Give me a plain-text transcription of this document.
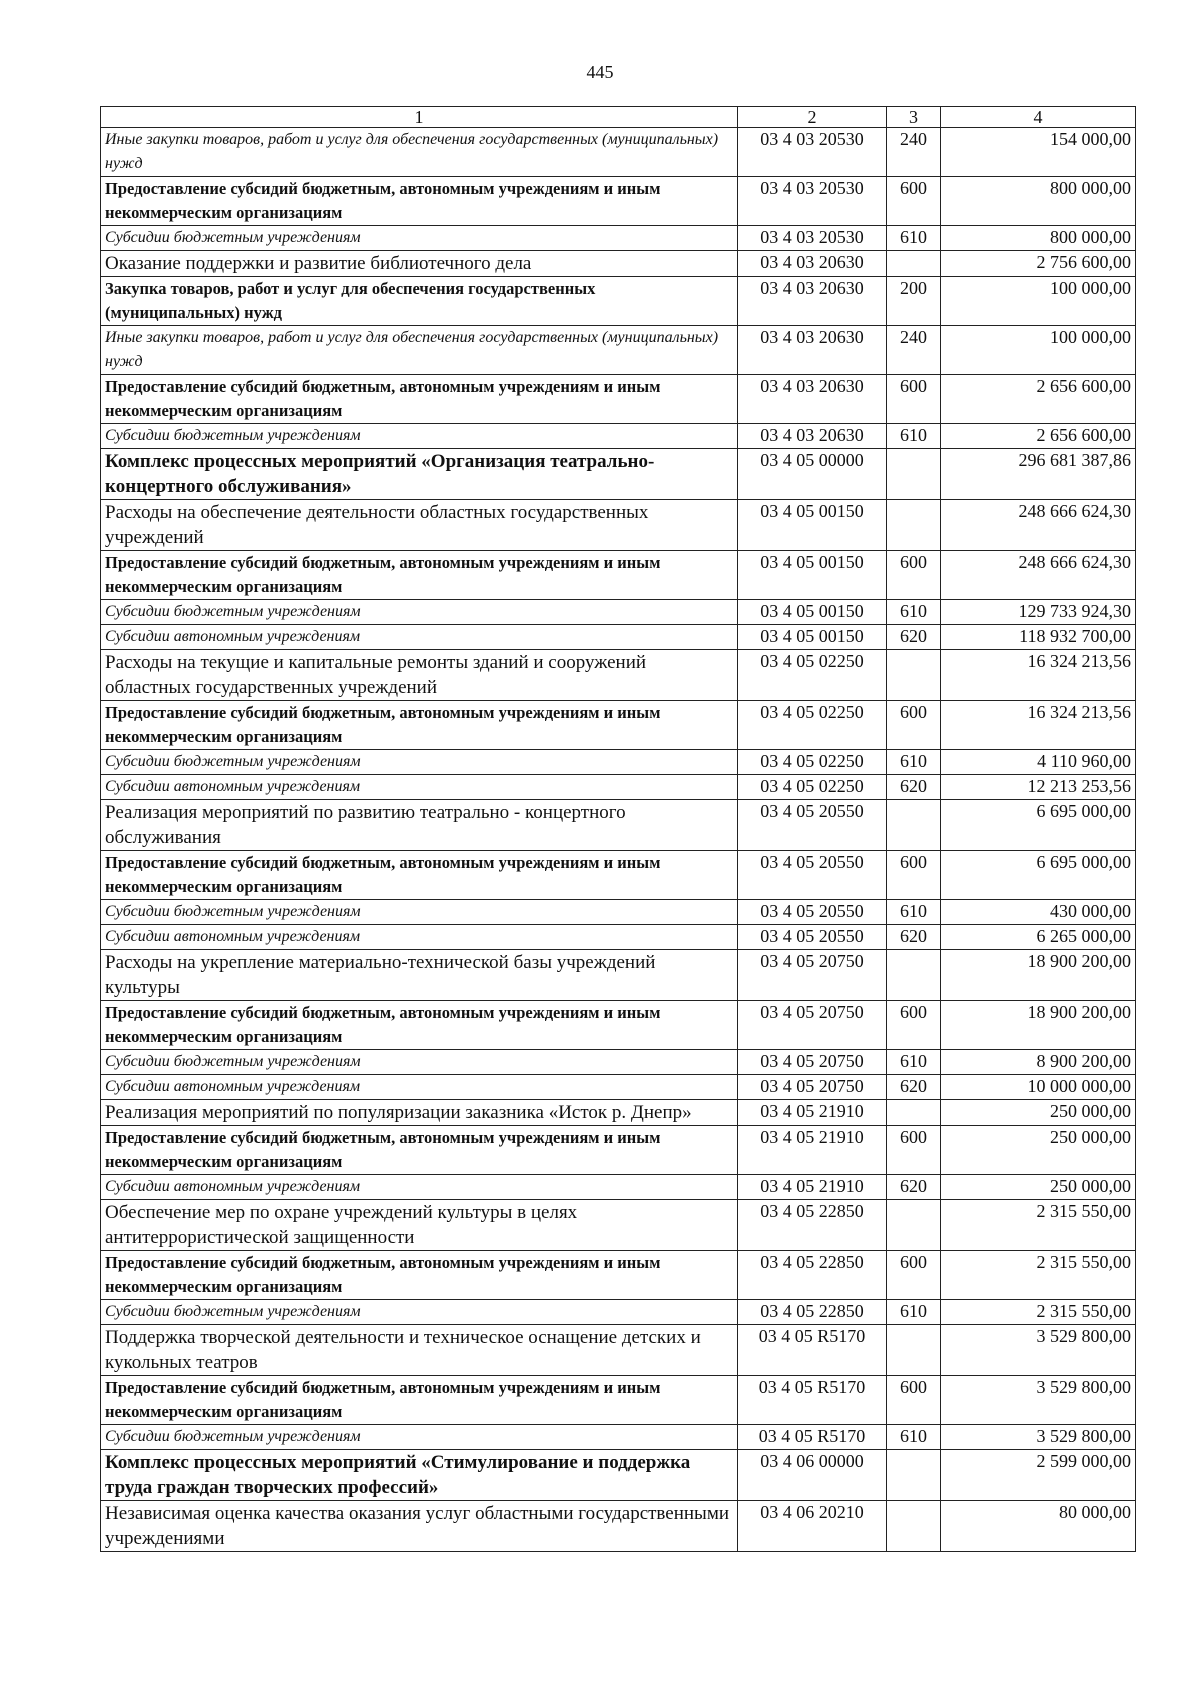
445
1	2	3	4
Иные закупки товаров, работ и услуг для обеспечения государственных (муниципальных) нужд	03 4 03 20530	240	154 000,00
Предоставление субсидий бюджетным, автономным учреждениям и иным некоммерческим организациям	03 4 03 20530	600	800 000,00
Субсидии бюджетным учреждениям	03 4 03 20530	610	800 000,00
Оказание поддержки и развитие библиотечного дела	03 4 03 20630		2 756 600,00
Закупка товаров, работ и услуг для обеспечения государственных (муниципальных) нужд	03 4 03 20630	200	100 000,00
Иные закупки товаров, работ и услуг для обеспечения государственных (муниципальных) нужд	03 4 03 20630	240	100 000,00
Предоставление субсидий бюджетным, автономным учреждениям и иным некоммерческим организациям	03 4 03 20630	600	2 656 600,00
Субсидии бюджетным учреждениям	03 4 03 20630	610	2 656 600,00
Комплекс процессных мероприятий «Организация театрально-концертного обслуживания»	03 4 05 00000		296 681 387,86
Расходы на обеспечение деятельности областных государственных учреждений	03 4 05 00150		248 666 624,30
Предоставление субсидий бюджетным, автономным учреждениям и иным некоммерческим организациям	03 4 05 00150	600	248 666 624,30
Субсидии бюджетным учреждениям	03 4 05 00150	610	129 733 924,30
Субсидии автономным учреждениям	03 4 05 00150	620	118 932 700,00
Расходы на текущие и капитальные ремонты зданий и сооружений областных государственных учреждений	03 4 05 02250		16 324 213,56
Предоставление субсидий бюджетным, автономным учреждениям и иным некоммерческим организациям	03 4 05 02250	600	16 324 213,56
Субсидии бюджетным учреждениям	03 4 05 02250	610	4 110 960,00
Субсидии автономным учреждениям	03 4 05 02250	620	12 213 253,56
Реализация мероприятий по развитию театрально - концертного обслуживания	03 4 05 20550		6 695 000,00
Предоставление субсидий бюджетным, автономным учреждениям и иным некоммерческим организациям	03 4 05 20550	600	6 695 000,00
Субсидии бюджетным учреждениям	03 4 05 20550	610	430 000,00
Субсидии автономным учреждениям	03 4 05 20550	620	6 265 000,00
Расходы на укрепление материально-технической базы учреждений культуры	03 4 05 20750		18 900 200,00
Предоставление субсидий бюджетным, автономным учреждениям и иным некоммерческим организациям	03 4 05 20750	600	18 900 200,00
Субсидии бюджетным учреждениям	03 4 05 20750	610	8 900 200,00
Субсидии автономным учреждениям	03 4 05 20750	620	10 000 000,00
Реализация мероприятий по популяризации заказника «Исток р. Днепр»	03 4 05 21910		250 000,00
Предоставление субсидий бюджетным, автономным учреждениям и иным некоммерческим организациям	03 4 05 21910	600	250 000,00
Субсидии автономным учреждениям	03 4 05 21910	620	250 000,00
Обеспечение мер по охране учреждений культуры в целях антитеррористической защищенности	03 4 05 22850		2 315 550,00
Предоставление субсидий бюджетным, автономным учреждениям и иным некоммерческим организациям	03 4 05 22850	600	2 315 550,00
Субсидии бюджетным учреждениям	03 4 05 22850	610	2 315 550,00
Поддержка творческой деятельности и техническое оснащение детских и кукольных театров	03 4 05 R5170		3 529 800,00
Предоставление субсидий бюджетным, автономным учреждениям и иным некоммерческим организациям	03 4 05 R5170	600	3 529 800,00
Субсидии бюджетным учреждениям	03 4 05 R5170	610	3 529 800,00
Комплекс процессных мероприятий «Стимулирование и поддержка труда граждан творческих профессий»	03 4 06 00000		2 599 000,00
Независимая оценка качества оказания услуг областными государственными учреждениями	03 4 06 20210		80 000,00
